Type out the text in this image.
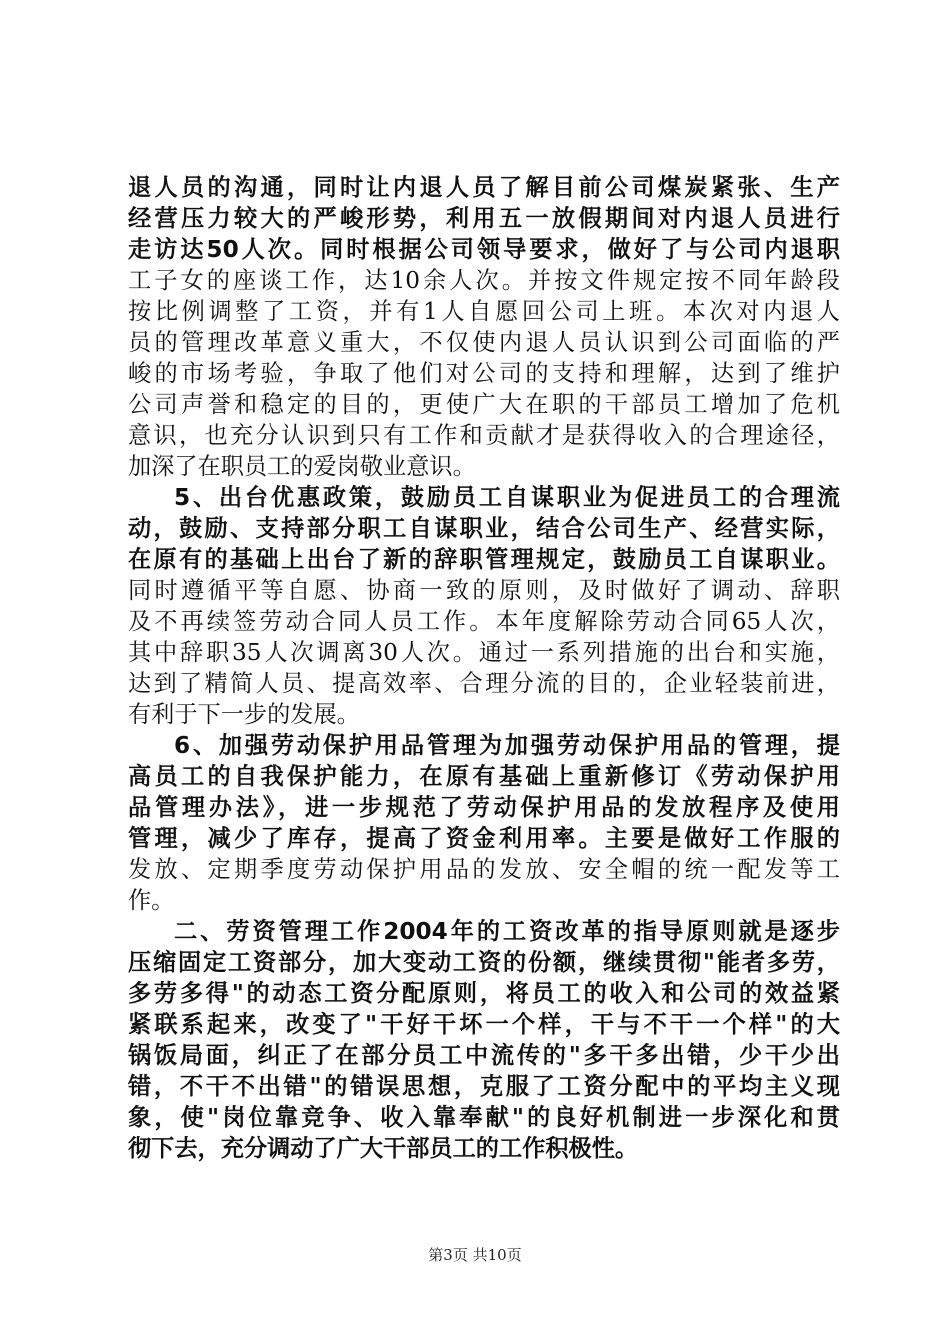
退人员的沟通，同时让内退人员了解目前公司煤炭紧张、生产
经营压力较大的严峻形势，利用五一放假期间对内退人员进行
走访达50人次。同时根据公司领导要求，做好了与公司内退职
工子女的座谈工作，达10余人次。并按文件规定按不同年龄段
按比例调整了工资，并有1人自愿回公司上班。本次对内退人
员的管理改革意义重大，不仅使内退人员认识到公司面临的严
峻的市场考验，争取了他们对公司的支持和理解，达到了维护
公司声誉和稳定的目的，更使广大在职的干部员工增加了危机
意识，也充分认识到只有工作和贡献才是获得收入的合理途径，
加深了在职员工的爱岗敬业意识。
5、出台优惠政策，鼓励员工自谋职业为促进员工的合理流
动，鼓励、支持部分职工自谋职业，结合公司生产、经营实际，
在原有的基础上出台了新的辞职管理规定，鼓励员工自谋职业。
同时遵循平等自愿、协商一致的原则，及时做好了调动、辞职
及不再续签劳动合同人员工作。本年度解除劳动合同65人次，
其中辞职35人次调离30人次。通过一系列措施的出台和实施，
达到了精简人员、提高效率、合理分流的目的，企业轻装前进，
有利于下一步的发展。
6、加强劳动保护用品管理为加强劳动保护用品的管理，提
高员工的自我保护能力，在原有基础上重新修订《劳动保护用
品管理办法》，进一步规范了劳动保护用品的发放程序及使用
管理，减少了库存，提高了资金利用率。主要是做好工作服的
发放、定期季度劳动保护用品的发放、安全帽的统一配发等工
作。
二、劳资管理工作2004年的工资改革的指导原则就是逐步
压缩固定工资部分，加大变动工资的份额，继续贯彻"能者多劳，
多劳多得"的动态工资分配原则，将员工的收入和公司的效益紧
紧联系起来，改变了"干好干坏一个样，干与不干一个样"的大
锅饭局面，纠正了在部分员工中流传的"多干多出错，少干少出
错，不干不出错"的错误思想，克服了工资分配中的平均主义现
象，使"岗位靠竞争、收入靠奉献"的良好机制进一步深化和贯
彻下去，充分调动了广大干部员工的工作积极性。
第3页 共10页
